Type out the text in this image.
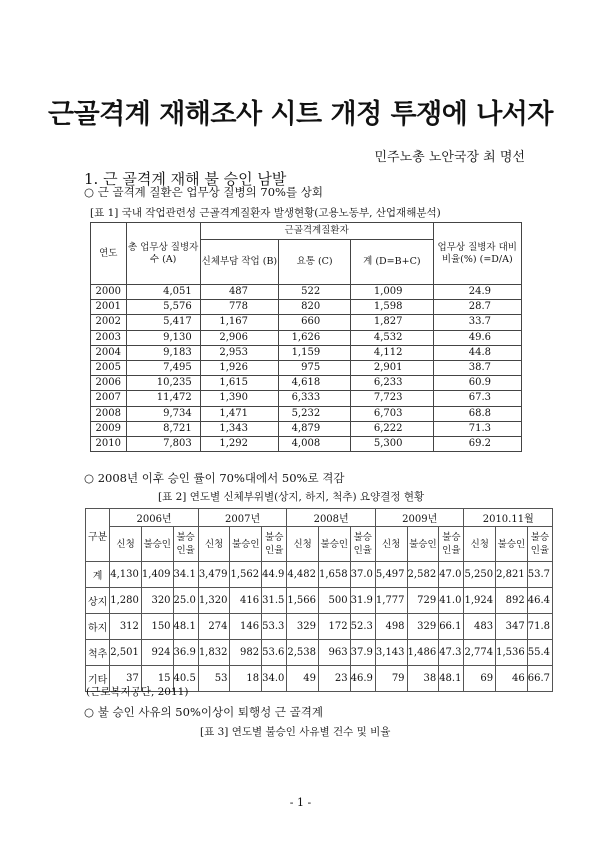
근골격계 재해조사 시트 개정 투쟁에 나서자
민주노총 노안국장 최 명선
1. 근 골격계 재해 불 승인 남발
○ 근 골격계 질환은 업무상 질병의 70%를 상회
[표 1] 국내 작업관련성 근골격계질환자 발생현황(고용노동부, 산업재해분석)
연도	총 업무상 질병자수 (A)	근골격계질환자			업무상 질병자 대비 비율(%) (=D/A)
		신체부담 작업 (B)	요통 (C)	계 (D=B+C)	
2000	4,051	487	522	1,009	24.9
2001	5,576	778	820	1,598	28.7
2002	5,417	1,167	660	1,827	33.7
2003	9,130	2,906	1,626	4,532	49.6
2004	9,183	2,953	1,159	4,112	44.8
2005	7,495	1,926	975	2,901	38.7
2006	10,235	1,615	4,618	6,233	60.9
2007	11,472	1,390	6,333	7,723	67.3
2008	9,734	1,471	5,232	6,703	68.8
2009	8,721	1,343	4,879	6,222	71.3
2010	7,803	1,292	4,008	5,300	69.2
○ 2008년 이후 승인 률이 70%대에서 50%로 격감
[표 2] 연도별 신체부위별(상지, 하지, 척추) 요양결정 현황
구분	2006년			2007년			2008년			2009년			2010.11월		
	신청	불승인	불승인율	신청	불승인	불승인율	신청	불승인	불승인율	신청	불승인	불승인율	신청	불승인	불승인율
계	4,130	1,409	34.1	3,479	1,562	44.9	4,482	1,658	37.0	5,497	2,582	47.0	5,250	2,821	53.7
상지	1,280	320	25.0	1,320	416	31.5	1,566	500	31.9	1,777	729	41.0	1,924	892	46.4
하지	312	150	48.1	274	146	53.3	329	172	52.3	498	329	66.1	483	347	71.8
척추	2,501	924	36.9	1,832	982	53.6	2,538	963	37.9	3,143	1,486	47.3	2,774	1,536	55.4
기타	37	15	40.5	53	18	34.0	49	23	46.9	79	38	48.1	69	46	66.7
(근로복지공단, 2011)
○ 불 승인 사유의 50%이상이 퇴행성 근 골격계
[표 3] 연도별 불승인 사유별 건수 및 비율
- 1 -
